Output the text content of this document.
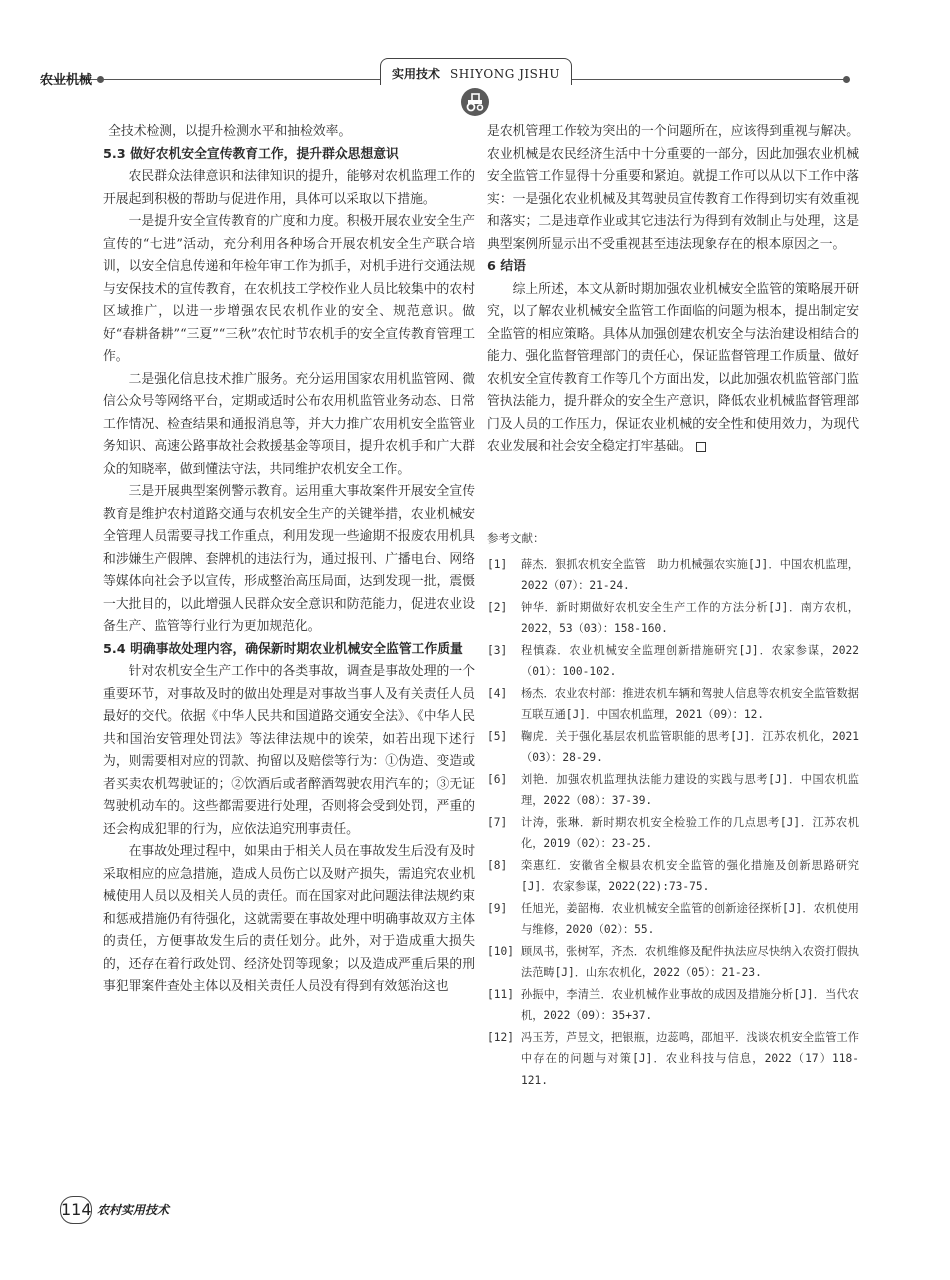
农业机械	实用技术 SHIYONG JISHU

全技术检测，以提升检测水平和抽检效率。

5.3 做好农机安全宣传教育工作，提升群众思想意识

农民群众法律意识和法律知识的提升，能够对农机监理工作的开展起到积极的帮助与促进作用，具体可以采取以下措施。

一是提升安全宣传教育的广度和力度。积极开展农业安全生产宣传的“七进”活动，充分利用各种场合开展农机安全生产联合培训，以安全信息传递和年检年审工作为抓手，对机手进行交通法规与安保技术的宣传教育，在农机技工学校作业人员比较集中的农村区域推广，以进一步增强农民农机作业的安全、规范意识。做好“春耕备耕”“三夏”“三秋”农忙时节农机手的安全宣传教育管理工作。

二是强化信息技术推广服务。充分运用国家农用机监管网、微信公众号等网络平台，定期或适时公布农用机监管业务动态、日常工作情况、检查结果和通报消息等，并大力推广农用机安全监管业务知识、高速公路事故社会救援基金等项目，提升农机手和广大群众的知晓率，做到懂法守法，共同维护农机安全工作。

三是开展典型案例警示教育。运用重大事故案件开展安全宣传教育是维护农村道路交通与农机安全生产的关键举措，农业机械安全管理人员需要寻找工作重点，利用发现一些逾期不报废农用机具和涉嫌生产假牌、套牌机的违法行为，通过报刊、广播电台、网络等媒体向社会予以宣传，形成整治高压局面，达到发现一批，震慑一大批目的，以此增强人民群众安全意识和防范能力，促进农业设备生产、监管等行业行为更加规范化。

5.4 明确事故处理内容，确保新时期农业机械安全监管工作质量

针对农机安全生产工作中的各类事故，调查是事故处理的一个重要环节，对事故及时的做出处理是对事故当事人及有关责任人员最好的交代。依据《中华人民共和国道路交通安全法》、《中华人民共和国治安管理处罚法》等法律法规中的诶荣，如若出现下述行为，则需要相对应的罚款、拘留以及赔偿等行为：①伪造、变造或者买卖农机驾驶证的；②饮酒后或者醉酒驾驶农用汽车的；③无证驾驶机动车的。这些都需要进行处理，否则将会受到处罚，严重的还会构成犯罪的行为，应依法追究刑事责任。

在事故处理过程中，如果由于相关人员在事故发生后没有及时采取相应的应急措施，造成人员伤亡以及财产损失，需追究农业机械使用人员以及相关人员的责任。而在国家对此问题法律法规约束和惩戒措施仍有待强化，这就需要在事故处理中明确事故双方主体的责任，方便事故发生后的责任划分。此外，对于造成重大损失的，还存在着行政处罚、经济处罚等现象；以及造成严重后果的刑事犯罪案件查处主体以及相关责任人员没有得到有效惩治这也

是农机管理工作较为突出的一个问题所在，应该得到重视与解决。农业机械是农民经济生活中十分重要的一部分，因此加强农业机械安全监管工作显得十分重要和紧迫。就提工作可以从以下工作中落实：一是强化农业机械及其驾驶员宣传教育工作得到切实有效重视和落实；二是违章作业或其它违法行为得到有效制止与处理，这是典型案例所显示出不受重视甚至违法现象存在的根本原因之一。

6 结语

综上所述，本文从新时期加强农业机械安全监管的策略展开研究，以了解农业机械安全监管工作面临的问题为根本，提出制定安全监管的相应策略。具体从加强创建农机安全与法治建设相结合的能力、强化监督管理部门的责任心，保证监督管理工作质量、做好农机安全宣传教育工作等几个方面出发，以此加强农机监管部门监管执法能力，提升群众的安全生产意识，降低农业机械监督管理部门及人员的工作压力，保证农业机械的安全性和使用效力，为现代农业发展和社会安全稳定打牢基础。

参考文献：
[1]	薛杰．狠抓农机安全监管　助力机械强农实施[J]．中国农机监理，2022（07）：21-24.
[2]	钟华．新时期做好农机安全生产工作的方法分析[J]．南方农机，2022，53（03）：158-160.
[3]	程慎森．农业机械安全监理创新措施研究[J]．农家参谋，2022（01）：100-102.
[4]	杨杰．农业农村部：推进农机车辆和驾驶人信息等农机安全监管数据互联互通[J]．中国农机监理，2021（09）：12.
[5]	鞠虎．关于强化基层农机监管职能的思考[J]．江苏农机化，2021（03）：28-29.
[6]	刘艳．加强农机监理执法能力建设的实践与思考[J]．中国农机监理，2022（08）：37-39.
[7]	计涛，张琳．新时期农机安全检验工作的几点思考[J]．江苏农机化，2019（02）：23-25.
[8]	栾惠红．安徽省全椒县农机安全监管的强化措施及创新思路研究[J]．农家参谋，2022(22):73-75.
[9]	任旭光，姜韶梅．农业机械安全监管的创新途径探析[J]．农机使用与维修，2020（02）：55.
[10] 顾凤书，张树军，齐杰．农机维修及配件执法应尽快纳入农资打假执法范畴[J]．山东农机化，2022（05）：21-23.
[11] 孙振中，李清兰．农业机械作业事故的成因及措施分析[J]．当代农机，2022（09）：35+37.
[12] 冯玉芳，芦昱文，把银瓶，边蕊鸣，邵旭平．浅谈农机安全监管工作中存在的问题与对策[J]．农业科技与信息，2022（17）118-121.
114 农村实用技术
